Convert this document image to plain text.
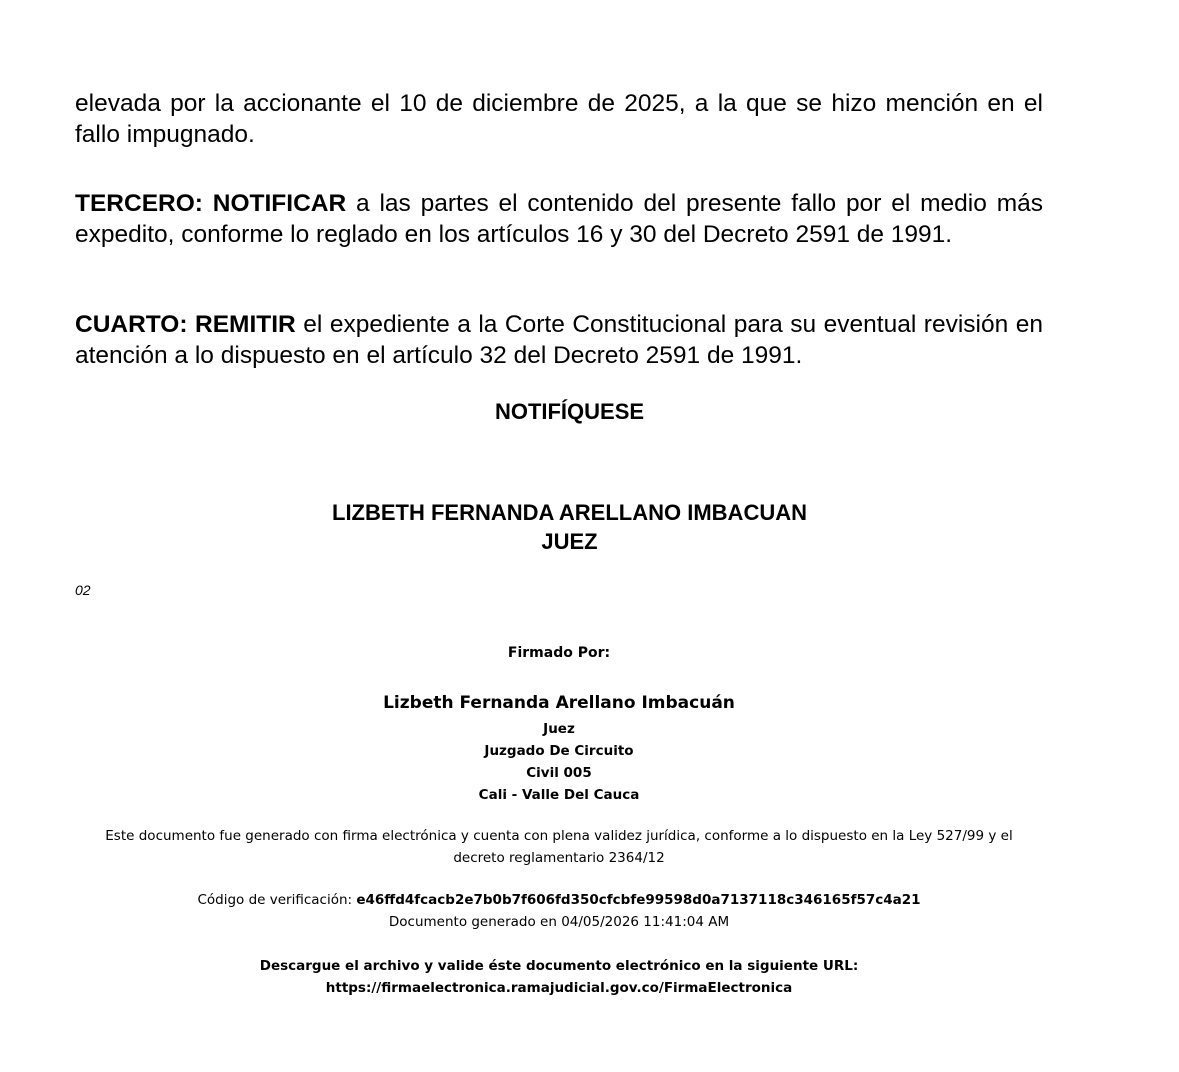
elevada por la accionante el 10 de diciembre de 2025, a la que se hizo mención en el fallo impugnado.

TERCERO: NOTIFICAR a las partes el contenido del presente fallo por el medio más expedito, conforme lo reglado en los artículos 16 y 30 del Decreto 2591 de 1991.

CUARTO: REMITIR el expediente a la Corte Constitucional para su eventual revisión en atención a lo dispuesto en el artículo 32 del Decreto 2591 de 1991.

NOTIFÍQUESE

LIZBETH FERNANDA ARELLANO IMBACUAN

JUEZ

02

Firmado Por:

Lizbeth Fernanda Arellano Imbacuán

Juez
Juzgado De Circuito
Civil 005
Cali - Valle Del Cauca

Este documento fue generado con firma electrónica y cuenta con plena validez jurídica, conforme a lo dispuesto en la Ley 527/99 y el
decreto reglamentario 2364/12

Código de verificación: e46ffd4fcacb2e7b0b7f606fd350cfcbfe99598d0a7137118c346165f57c4a21
Documento generado en 04/05/2026 11:41:04 AM

Descargue el archivo y valide éste documento electrónico en la siguiente URL:
https://firmaelectronica.ramajudicial.gov.co/FirmaElectronica
